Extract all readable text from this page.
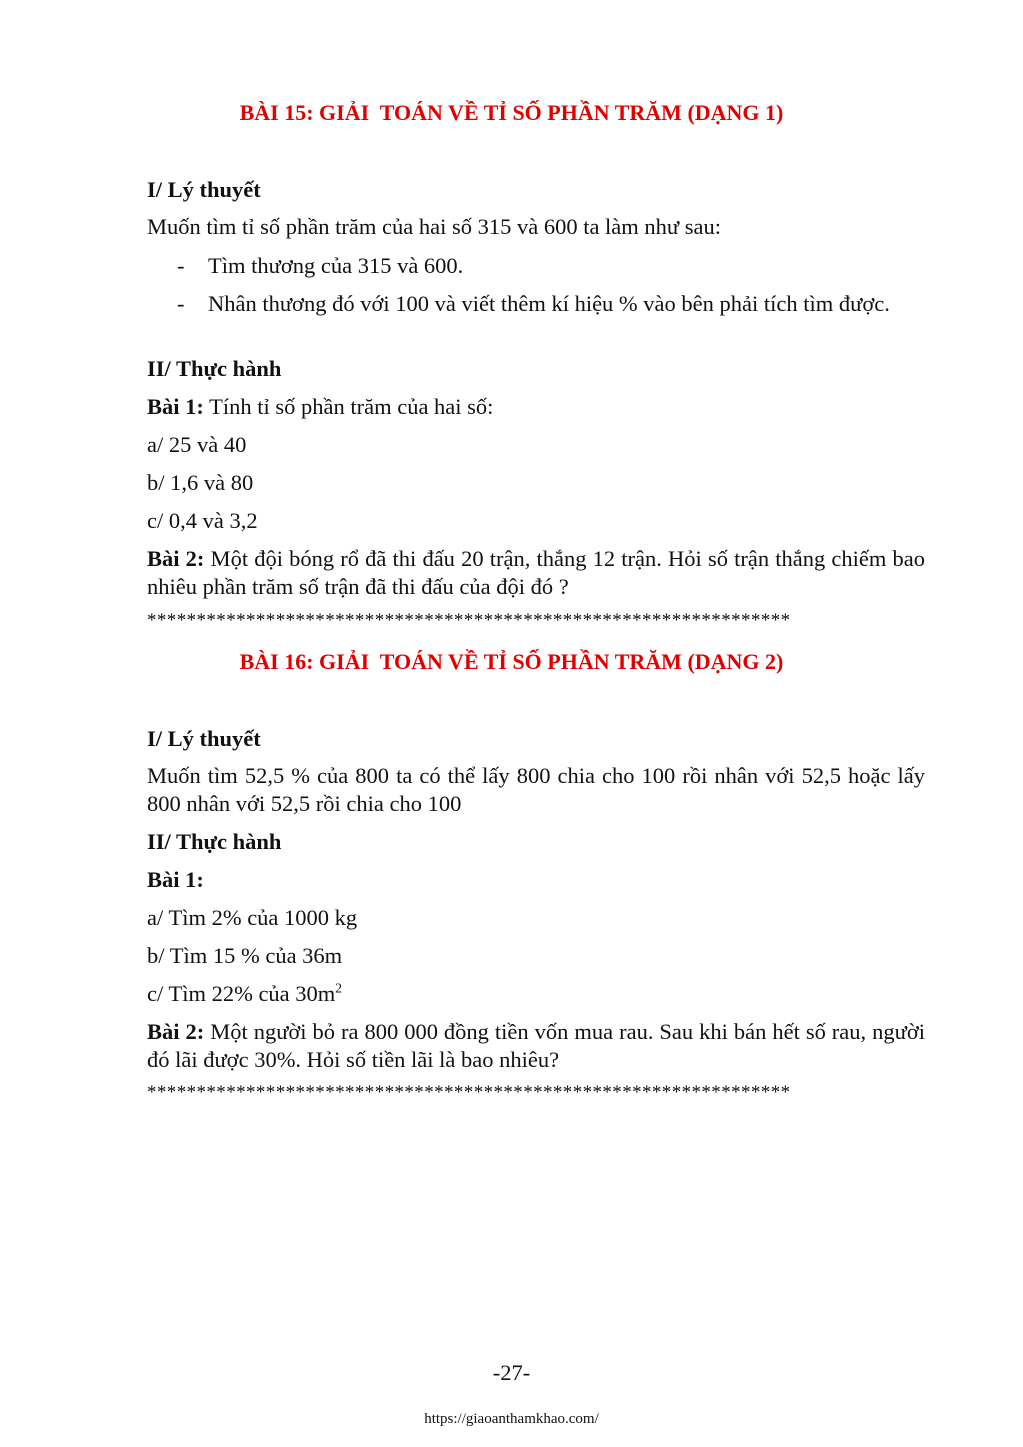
BÀI 15: GIẢI  TOÁN VỀ TỈ SỐ PHẦN TRĂM (DẠNG 1)
I/ Lý thuyết
Muốn tìm tỉ số phần trăm của hai số 315 và 600 ta làm như sau:
- Tìm thương của 315 và 600.
- Nhân thương đó với 100 và viết thêm kí hiệu % vào bên phải tích tìm được.
II/ Thực hành
Bài 1: Tính tỉ số phần trăm của hai số:
a/ 25 và 40
b/ 1,6 và 80
c/ 0,4 và 3,2
Bài 2: Một đội bóng rổ đã thi đấu 20 trận, thắng 12 trận. Hỏi số trận thắng chiếm bao nhiêu phần trăm số trận đã thi đấu của đội đó ?
*****************************************************************
BÀI 16: GIẢI  TOÁN VỀ TỈ SỐ PHẦN TRĂM (DẠNG 2)
I/ Lý thuyết
Muốn tìm 52,5 % của 800 ta có thể lấy 800 chia cho 100 rồi nhân với 52,5 hoặc lấy 800 nhân với 52,5 rồi chia cho 100
II/ Thực hành
Bài 1:
a/ Tìm 2% của 1000 kg
b/ Tìm 15 % của 36m
c/ Tìm 22% của $30m^2$
Bài 2: Một người bỏ ra 800 000 đồng tiền vốn mua rau. Sau khi bán hết số rau, người đó lãi được 30%. Hỏi số tiền lãi là bao nhiêu?
*****************************************************************
-27-
https://giaoanthamkhao.com/
